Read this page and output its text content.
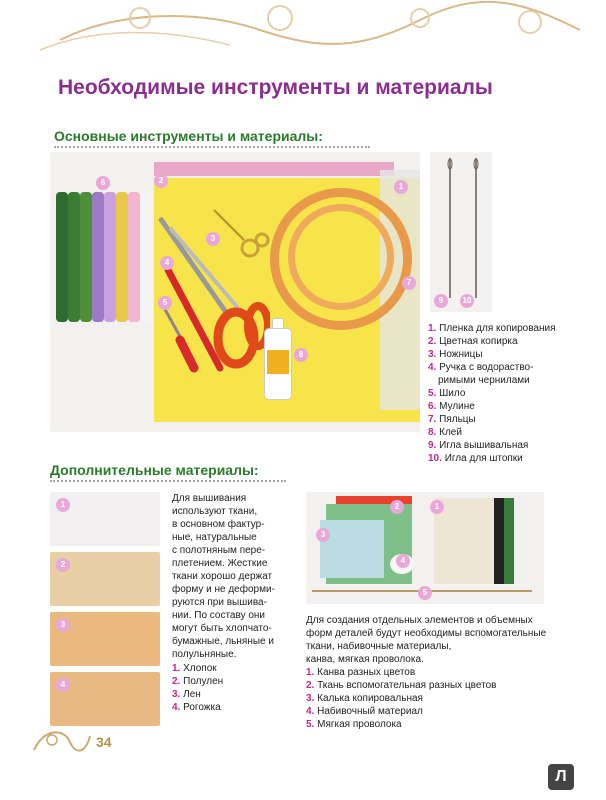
Необходимые инструменты и материалы
Основные инструменты и материалы:
1
2
3
4
5
6
7
8
9	10
1. Пленка для копирования
2. Цветная копирка
3. Ножницы
4. Ручка с водораство-
римыми чернилами
5. Шило
6. Мулине
7. Пяльцы
8. Клей
9. Игла вышивальная
10. Игла для штопки
Дополнительные материалы:
1
2
3
4
Для вышивания
используют ткани,
в основном фактур-
ные, натуральные
с полотняным пере-
плетением. Жесткие
ткани хорошо держат
форму и не деформи-
руются при вышива-
нии. По составу они
могут быть хлопчато-
бумажные, льняные и
полульняные.
1. Хлопок
2. Полулен
3. Лен
4. Рогожка
1
2
3
4
5
Для создания отдельных элементов и объемных
форм деталей будут необходимы вспомогательные
ткани, набивочные материалы,
канва, мягкая проволока.
1. Канва разных цветов
2. Ткань вспомогательная разных цветов
3. Калька копировальная
4. Набивочный материал
5. Мягкая проволока
34
Л
